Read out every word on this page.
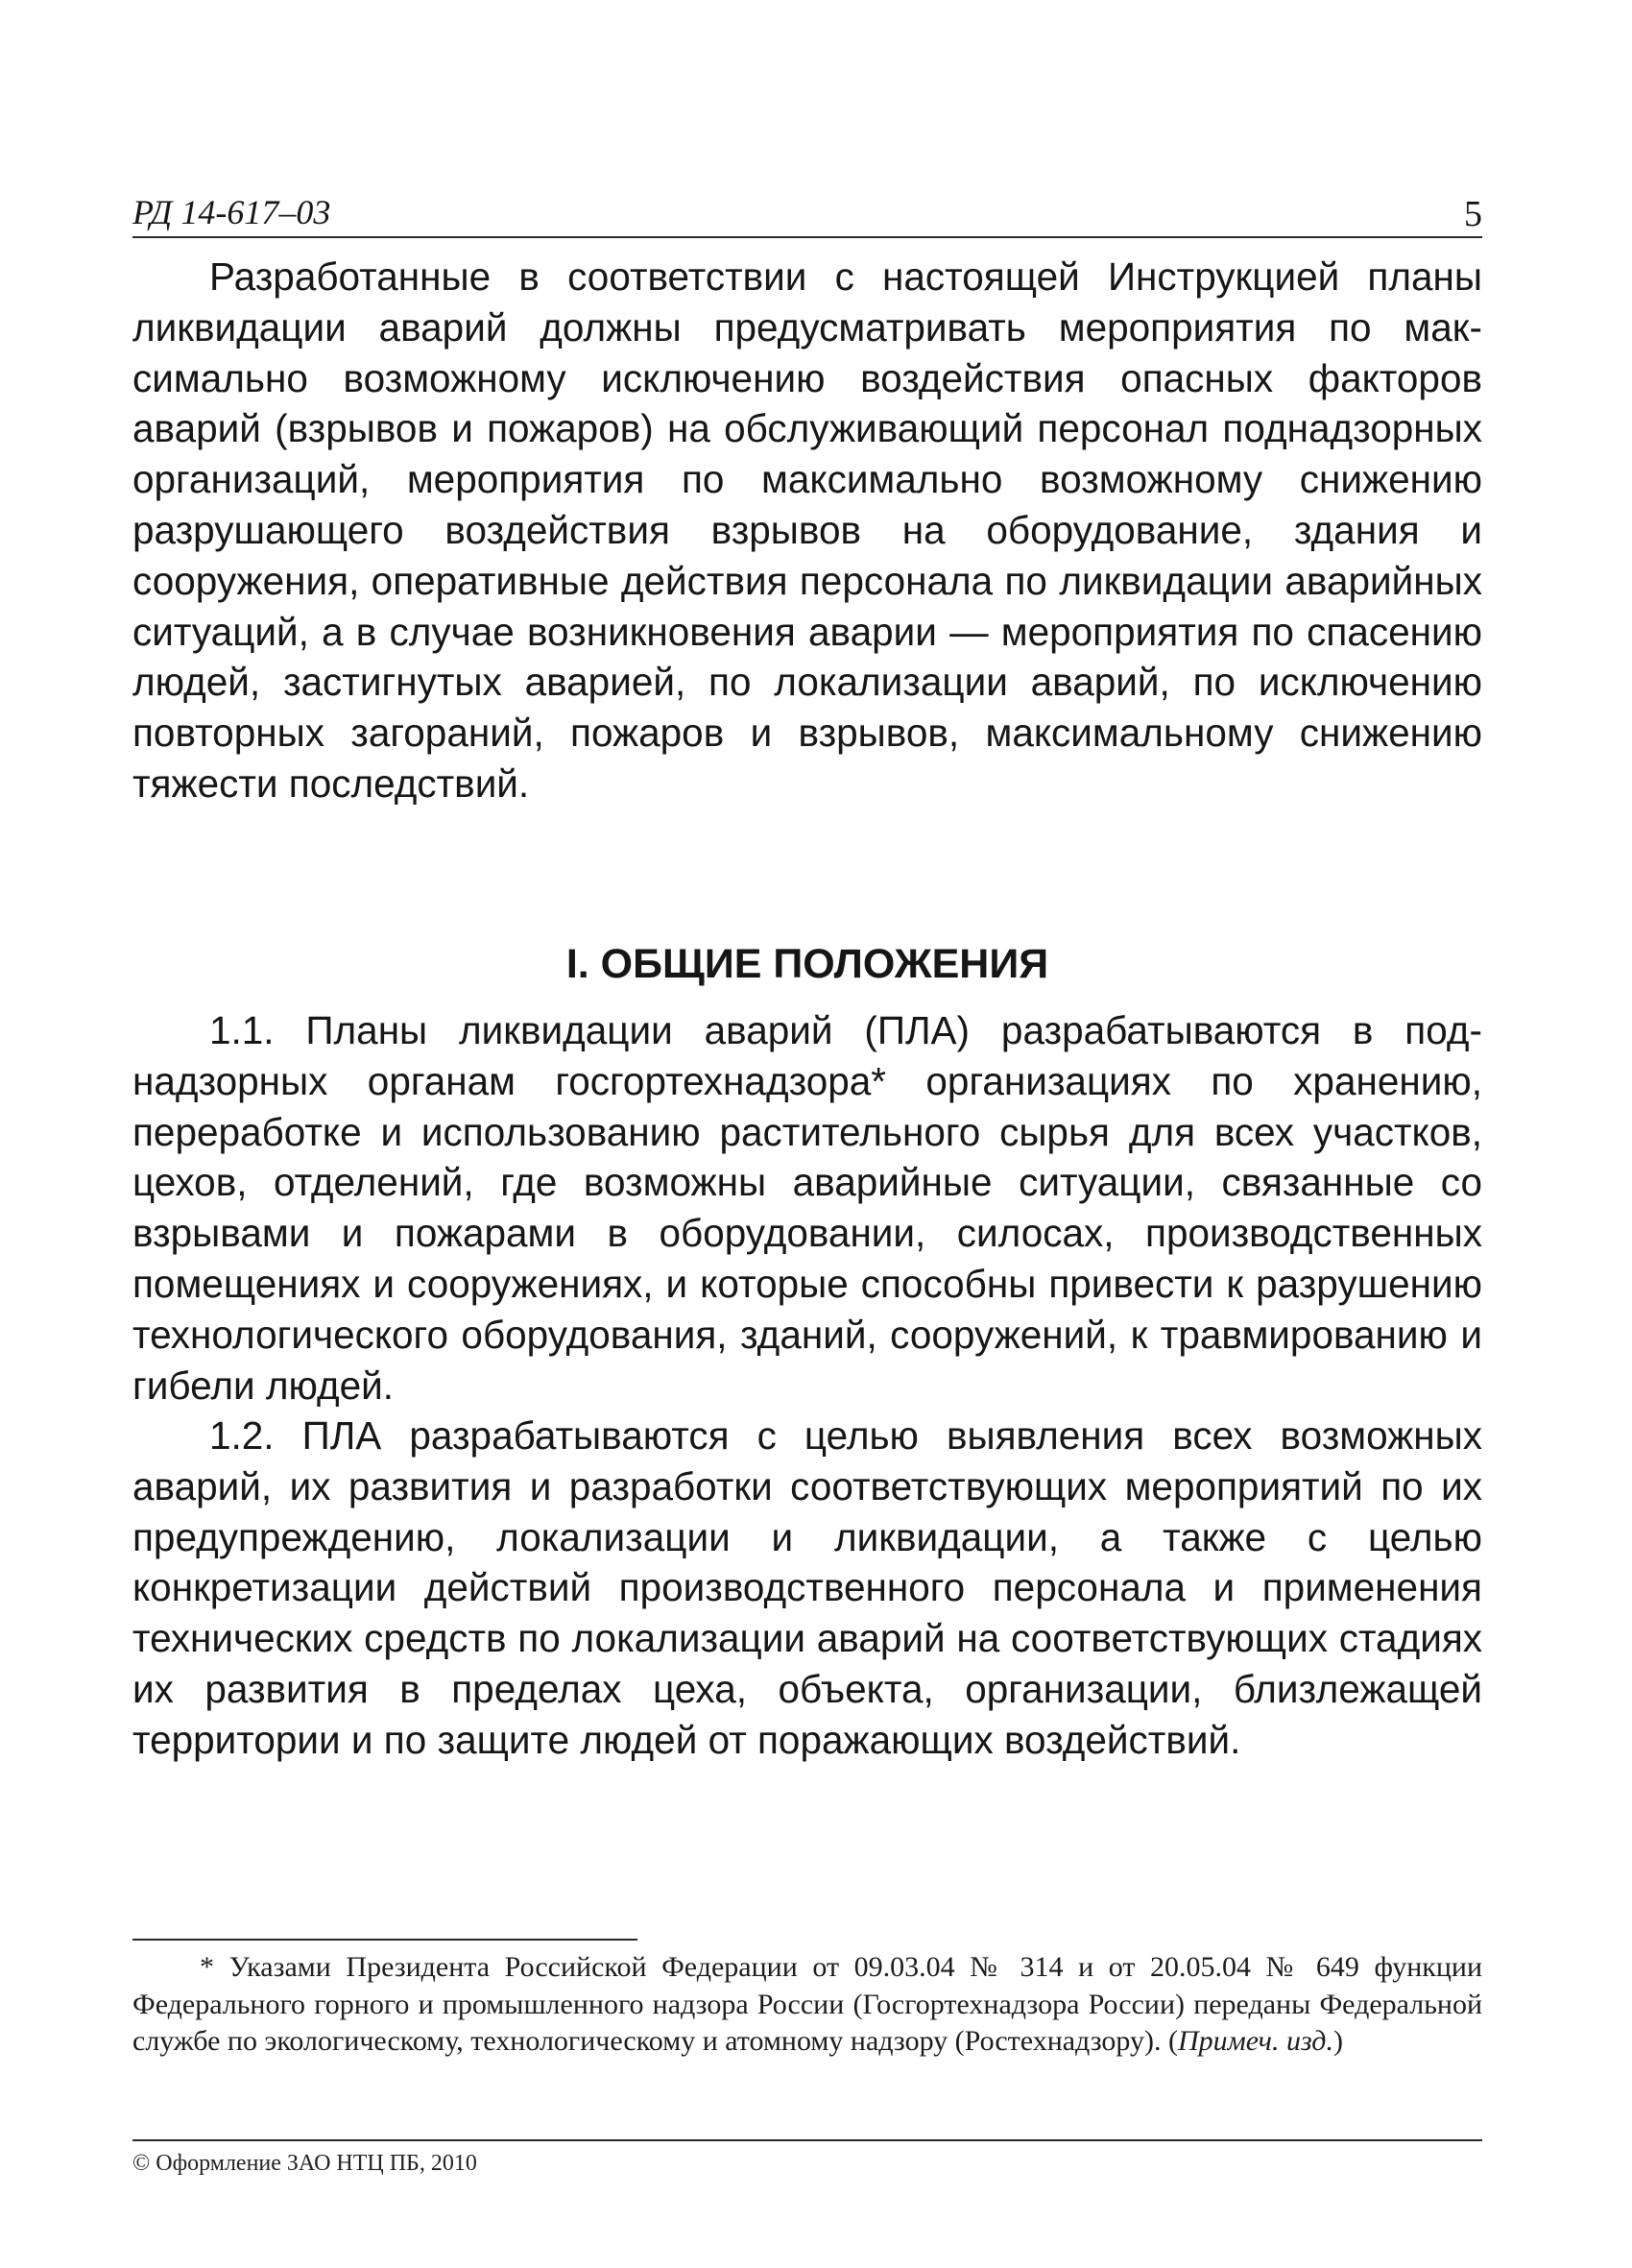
РД 14-617–03	5

Разработанные в соответствии с настоящей Инструкцией планы ликвидации аварий должны предусматривать мероприятия по максимально возможному исключению воздействия опасных факторов аварий (взрывов и пожаров) на обслуживающий персонал поднадзорных организаций, мероприятия по максимально возможному снижению разрушающего воздействия взрывов на оборудование, здания и сооружения, оперативные действия персонала по ликвидации аварийных ситуаций, а в случае возникновения аварии — мероприятия по спасению людей, застигнутых аварией, по локализации аварий, по исключению повторных загораний, пожаров и взрывов, максимальному снижению тяжести последствий.

I. ОБЩИЕ ПОЛОЖЕНИЯ

1.1. Планы ликвидации аварий (ПЛА) разрабатываются в поднадзорных органам госгортехнадзора* организациях по хранению, переработке и использованию растительного сырья для всех участков, цехов, отделений, где возможны аварийные ситуации, связанные со взрывами и пожарами в оборудовании, силосах, производственных помещениях и сооружениях, и которые способны привести к разрушению технологического оборудования, зданий, сооружений, к травмированию и гибели людей.

1.2. ПЛА разрабатываются с целью выявления всех возможных аварий, их развития и разработки соответствующих мероприятий по их предупреждению, локализации и ликвидации, а также с целью конкретизации действий производственного персонала и применения технических средств по локализации аварий на соответствующих стадиях их развития в пределах цеха, объекта, организации, близлежащей территории и по защите людей от поражающих воздействий.

* Указами Президента Российской Федерации от 09.03.04 № 314 и от 20.05.04 № 649 функции Федерального горного и промышленного надзора России (Госгортехнадзора России) переданы Федеральной службе по экологическому, технологическому и атомному надзору (Ростехнадзору). (Примеч. изд.)

© Оформление ЗАО НТЦ ПБ, 2010
